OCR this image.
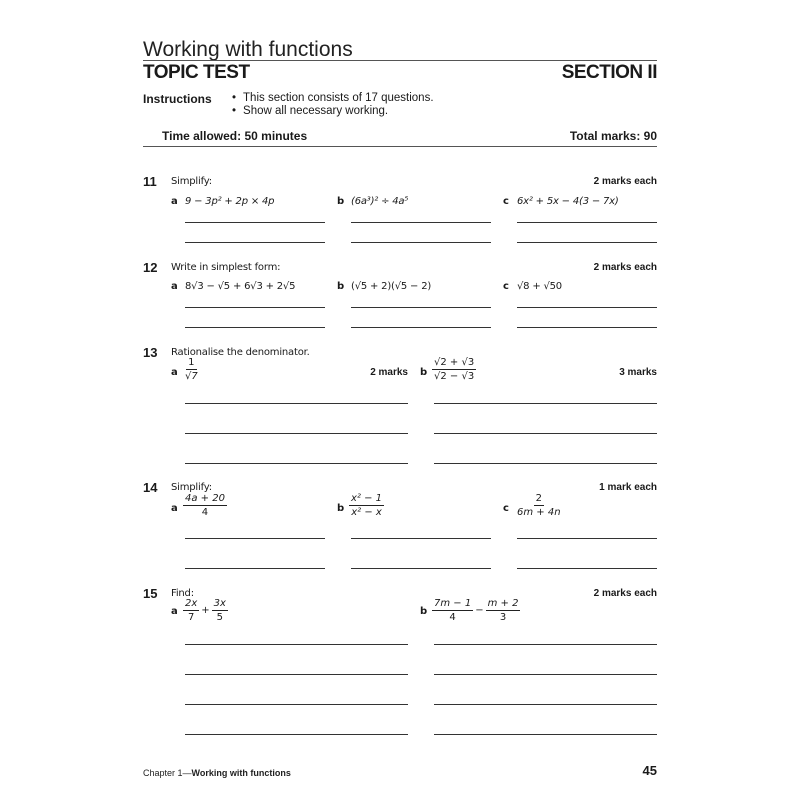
Working with functions
TOPIC TEST	SECTION II
Instructions	• This section consists of 17 questions.
• Show all necessary working.
Time allowed: 50 minutes	Total marks: 90
11 Simplify:	2 marks each
a 9 − 3p² + 2p × 4p	b (6a³)² ÷ 4a⁵	c 6x² + 5x − 4(3 − 7x)
12 Write in simplest form:	2 marks each
a 8√3 − √5 + 6√3 + 2√5	b (√5 + 2)(√5 − 2)	c √8 + √50
13 Rationalise the denominator.
a $\frac{1}{√7}$	2 marks b $\frac{√2 + √3}{√2 - √3}$	3 marks
14 Simplify:	1 mark each
a $\frac{4a + 20}{4}$	b $\frac{\text{x² − 1}}{\text{x² − x}}$	c $\frac{2}{6m + 4n}$
15 Find:	2 marks each
a $\frac{2x}{7} + \frac{3x}{5}$	b $\frac{7m - 1}{4} - \frac{m + 2}{3}$
Chapter 1—Working with functions	45
